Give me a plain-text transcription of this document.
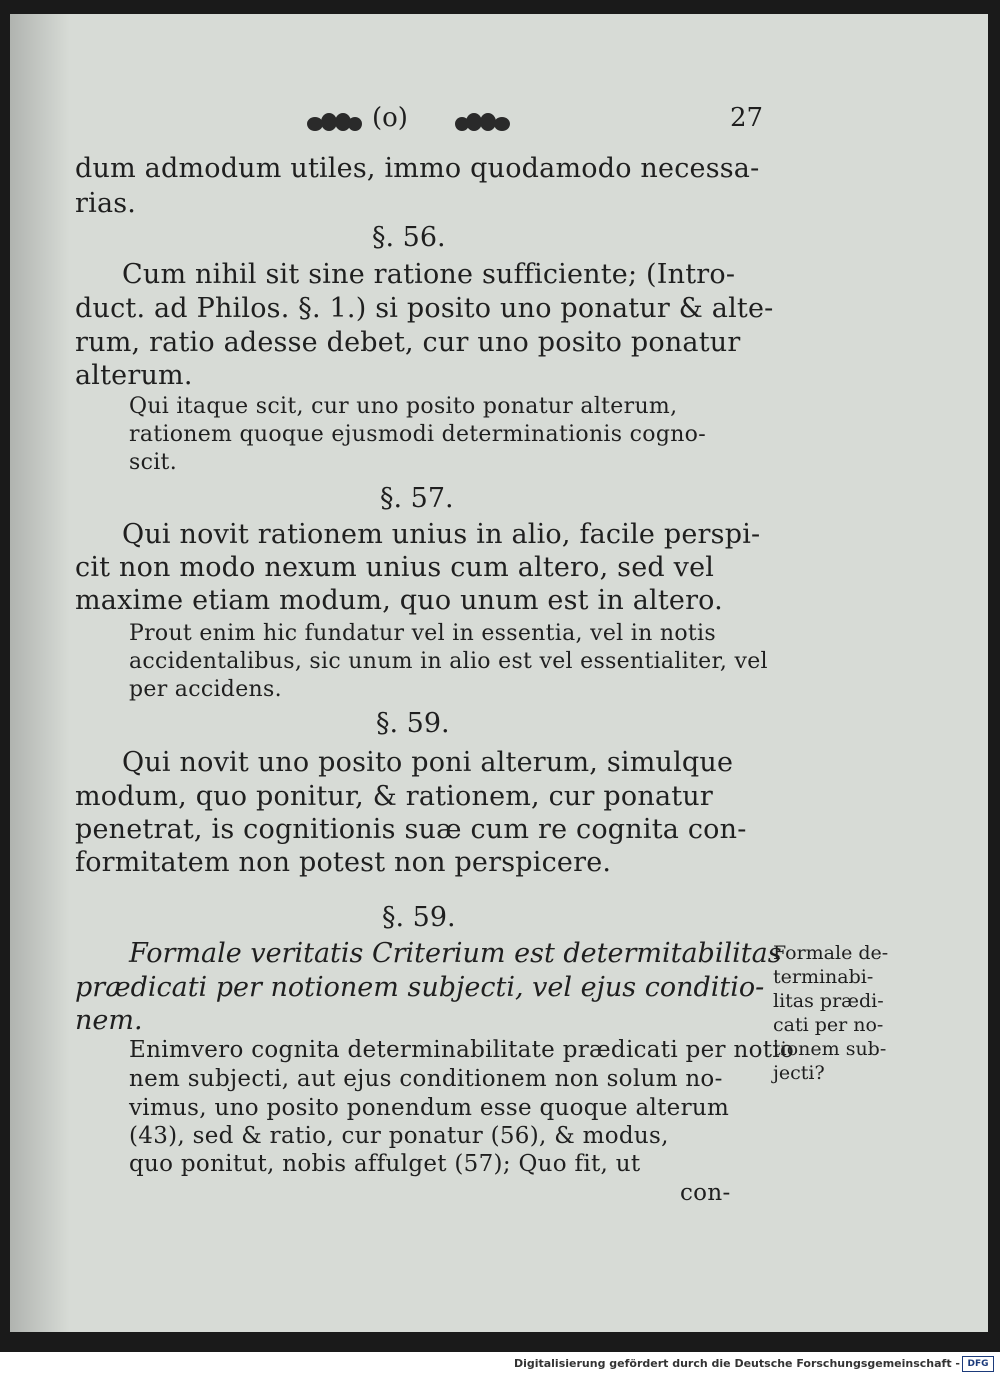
(o)	27
dum admodum utiles, immo quodamodo necessa-
rias.
§. 56.
Cum nihil sit sine ratione sufficiente; (Intro-
duct. ad Philos. §. 1.) si posito uno ponatur & alte-
rum, ratio adesse debet, cur uno posito ponatur
alterum.
Qui itaque scit, cur uno posito ponatur alterum,
rationem quoque ejusmodi determinationis cogno-
scit.
§. 57.
Qui novit rationem unius in alio, facile perspi-
cit non modo nexum unius cum altero, sed vel
maxime etiam modum, quo unum est in altero.
Prout enim hic fundatur vel in essentia, vel in notis
accidentalibus, sic unum in alio est vel essentialiter, vel
per accidens.
§. 59.
Qui novit uno posito poni alterum, simulque
modum, quo ponitur, & rationem, cur ponatur
penetrat, is cognitionis suæ cum re cognita con-
formitatem non potest non perspicere.
§. 59.
Formale veritatis Criterium est determitabilitas
prædicati per notionem subjecti, vel ejus conditio-
nem.
Enimvero cognita determinabilitate prædicati per notio
nem subjecti, aut ejus conditionem non solum no-
vimus, uno posito ponendum esse quoque alterum
(43), sed & ratio, cur ponatur (56), & modus,
quo ponitut, nobis affulget (57); Quo fit, ut
con-
Formale de-
terminabi-
litas prædi-
cati per no-
tionem sub-
jecti?
Digitalisierung gefördert durch die Deutsche Forschungsgemeinschaft - DFG
